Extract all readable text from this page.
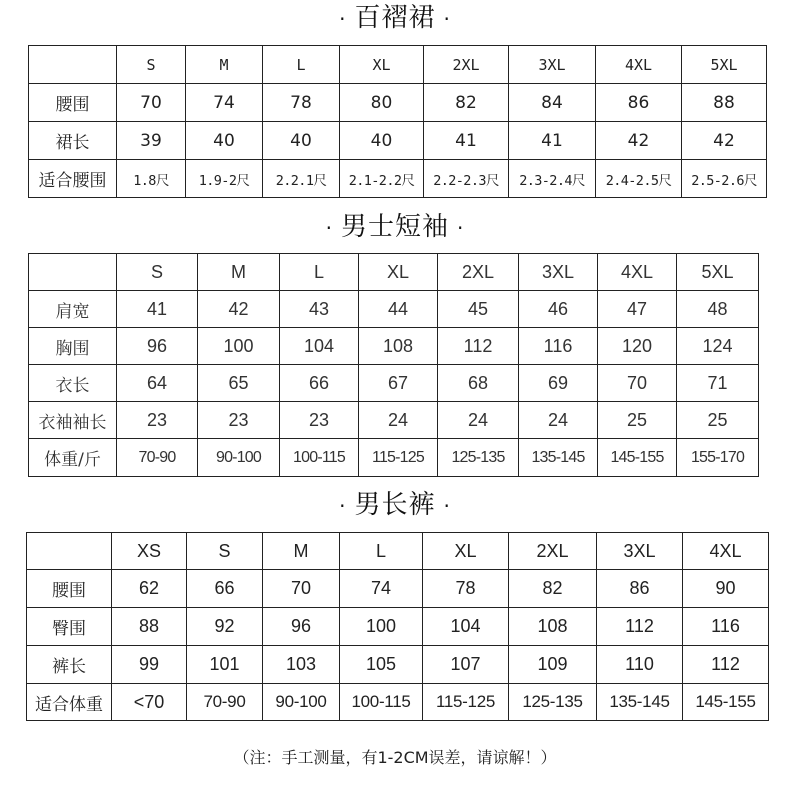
· 百褶裙 ·
	S	M	L	XL	2XL	3XL	4XL	5XL
腰围	70	74	78	80	82	84	86	88
裙长	39	40	40	40	41	41	42	42
适合腰围	1.8尺	1.9-2尺	2.2.1尺	2.1-2.2尺	2.2-2.3尺	2.3-2.4尺	2.4-2.5尺	2.5-2.6尺
· 男士短袖 ·
	S	M	L	XL	2XL	3XL	4XL	5XL
肩宽	41	42	43	44	45	46	47	48
胸围	96	100	104	108	112	116	120	124
衣长	64	65	66	67	68	69	70	71
衣袖袖长	23	23	23	24	24	24	25	25
体重/斤	70-90	90-100	100-115	115-125	125-135	135-145	145-155	155-170
· 男长裤 ·
	XS	S	M	L	XL	2XL	3XL	4XL
腰围	62	66	70	74	78	82	86	90
臀围	88	92	96	100	104	108	112	116
裤长	99	101	103	105	107	109	110	112
适合体重	<70	70-90	90-100	100-115	115-125	125-135	135-145	145-155
（注：手工测量，有1-2CM误差，请谅解！）
